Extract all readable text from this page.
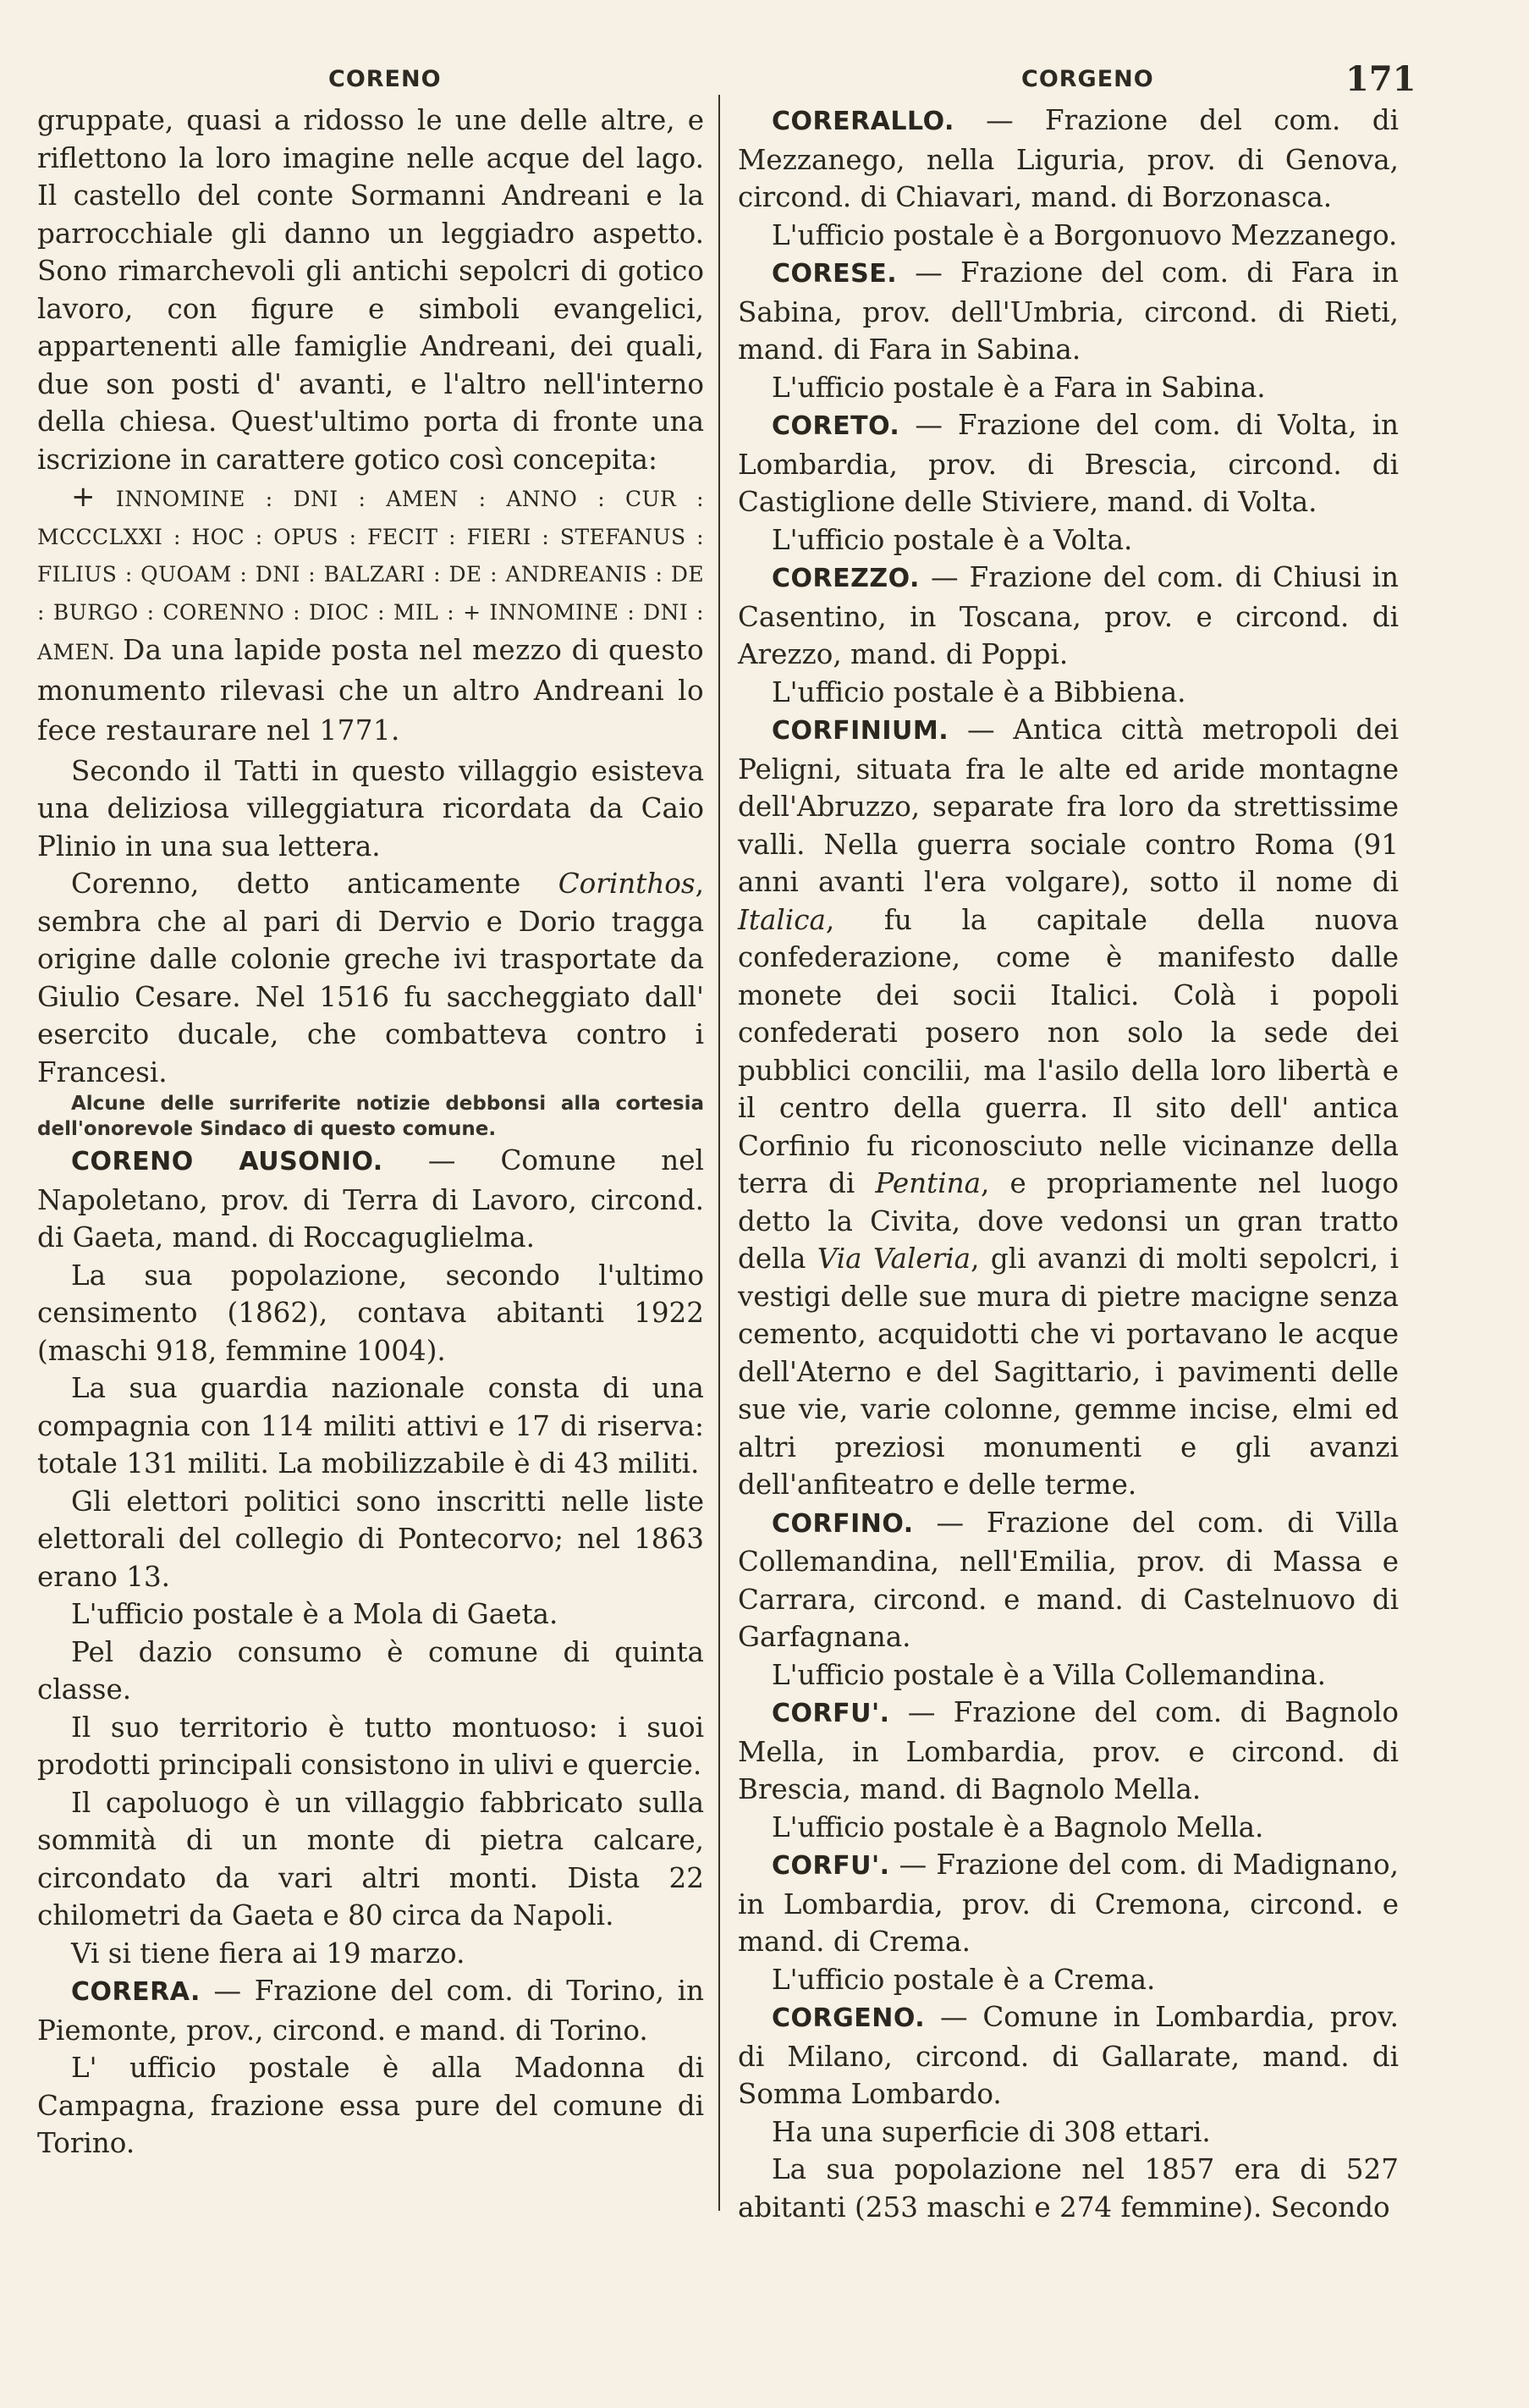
CORENO	CORGENO	171

gruppate, quasi a ridosso le une delle altre, e riflettono la loro imagine nelle acque del lago. Il castello del conte Sormanni Andreani e la parrocchiale gli danno un leggiadro aspetto. Sono rimarchevoli gli antichi sepolcri di gotico lavoro, con figure e simboli evangelici, appartenenti alle famiglie Andreani, dei quali, due son posti d' avanti, e l'altro nell'interno della chiesa. Quest'ultimo porta di fronte una iscrizione in carattere gotico così concepita:

+ INNOMINE : DNI : AMEN : ANNO : CUR : MCCCLXXI : HOC : OPUS : FECIT : FIERI : STEFANUS : FILIUS : QUOAM : DNI : BALZARI : DE : ANDREANIS : DE : BURGO : CORENNO : DIOC : MIL : + INNOMINE : DNI : AMEN. Da una lapide posta nel mezzo di questo monumento rilevasi che un altro Andreani lo fece restaurare nel 1771.

Secondo il Tatti in questo villaggio esisteva una deliziosa villeggiatura ricordata da Caio Plinio in una sua lettera.

Corenno, detto anticamente Corinthos, sembra che al pari di Dervio e Dorio tragga origine dalle colonie greche ivi trasportate da Giulio Cesare. Nel 1516 fu saccheggiato dall' esercito ducale, che combatteva contro i Francesi.

Alcune delle surriferite notizie debbonsi alla cortesia dell'onorevole Sindaco di questo comune.

CORENO AUSONIO. — Comune nel Napoletano, prov. di Terra di Lavoro, circond. di Gaeta, mand. di Roccaguglielma.

La sua popolazione, secondo l'ultimo censimento (1862), contava abitanti 1922 (maschi 918, femmine 1004).

La sua guardia nazionale consta di una compagnia con 114 militi attivi e 17 di riserva: totale 131 militi. La mobilizzabile è di 43 militi.

Gli elettori politici sono inscritti nelle liste elettorali del collegio di Pontecorvo; nel 1863 erano 13.

L'ufficio postale è a Mola di Gaeta.

Pel dazio consumo è comune di quinta classe.

Il suo territorio è tutto montuoso: i suoi prodotti principali consistono in ulivi e quercie.

Il capoluogo è un villaggio fabbricato sulla sommità di un monte di pietra calcare, circondato da vari altri monti. Dista 22 chilometri da Gaeta e 80 circa da Napoli.

Vi si tiene fiera ai 19 marzo.

CORERA. — Frazione del com. di Torino, in Piemonte, prov., circond. e mand. di Torino.

L' ufficio postale è alla Madonna di Campagna, frazione essa pure del comune di Torino.

CORERALLO. — Frazione del com. di Mezzanego, nella Liguria, prov. di Genova, circond. di Chiavari, mand. di Borzonasca.

L'ufficio postale è a Borgonuovo Mezzanego.

CORESE. — Frazione del com. di Fara in Sabina, prov. dell'Umbria, circond. di Rieti, mand. di Fara in Sabina.

L'ufficio postale è a Fara in Sabina.

CORETO. — Frazione del com. di Volta, in Lombardia, prov. di Brescia, circond. di Castiglione delle Stiviere, mand. di Volta.

L'ufficio postale è a Volta.

COREZZO. — Frazione del com. di Chiusi in Casentino, in Toscana, prov. e circond. di Arezzo, mand. di Poppi.

L'ufficio postale è a Bibbiena.

CORFINIUM. — Antica città metropoli dei Peligni, situata fra le alte ed aride montagne dell'Abruzzo, separate fra loro da strettissime valli. Nella guerra sociale contro Roma (91 anni avanti l'era volgare), sotto il nome di Italica, fu la capitale della nuova confederazione, come è manifesto dalle monete dei socii Italici. Colà i popoli confederati posero non solo la sede dei pubblici concilii, ma l'asilo della loro libertà e il centro della guerra. Il sito dell' antica Corfinio fu riconosciuto nelle vicinanze della terra di Pentina, e propriamente nel luogo detto la Civita, dove vedonsi un gran tratto della Via Valeria, gli avanzi di molti sepolcri, i vestigi delle sue mura di pietre macigne senza cemento, acquidotti che vi portavano le acque dell'Aterno e del Sagittario, i pavimenti delle sue vie, varie colonne, gemme incise, elmi ed altri preziosi monumenti e gli avanzi dell'anfiteatro e delle terme.

CORFINO. — Frazione del com. di Villa Collemandina, nell'Emilia, prov. di Massa e Carrara, circond. e mand. di Castelnuovo di Garfagnana.

L'ufficio postale è a Villa Collemandina.

CORFU'. — Frazione del com. di Bagnolo Mella, in Lombardia, prov. e circond. di Brescia, mand. di Bagnolo Mella.

L'ufficio postale è a Bagnolo Mella.

CORFU'. — Frazione del com. di Madignano, in Lombardia, prov. di Cremona, circond. e mand. di Crema.

L'ufficio postale è a Crema.

CORGENO. — Comune in Lombardia, prov. di Milano, circond. di Gallarate, mand. di Somma Lombardo.

Ha una superficie di 308 ettari.

La sua popolazione nel 1857 era di 527 abitanti (253 maschi e 274 femmine). Secondo
